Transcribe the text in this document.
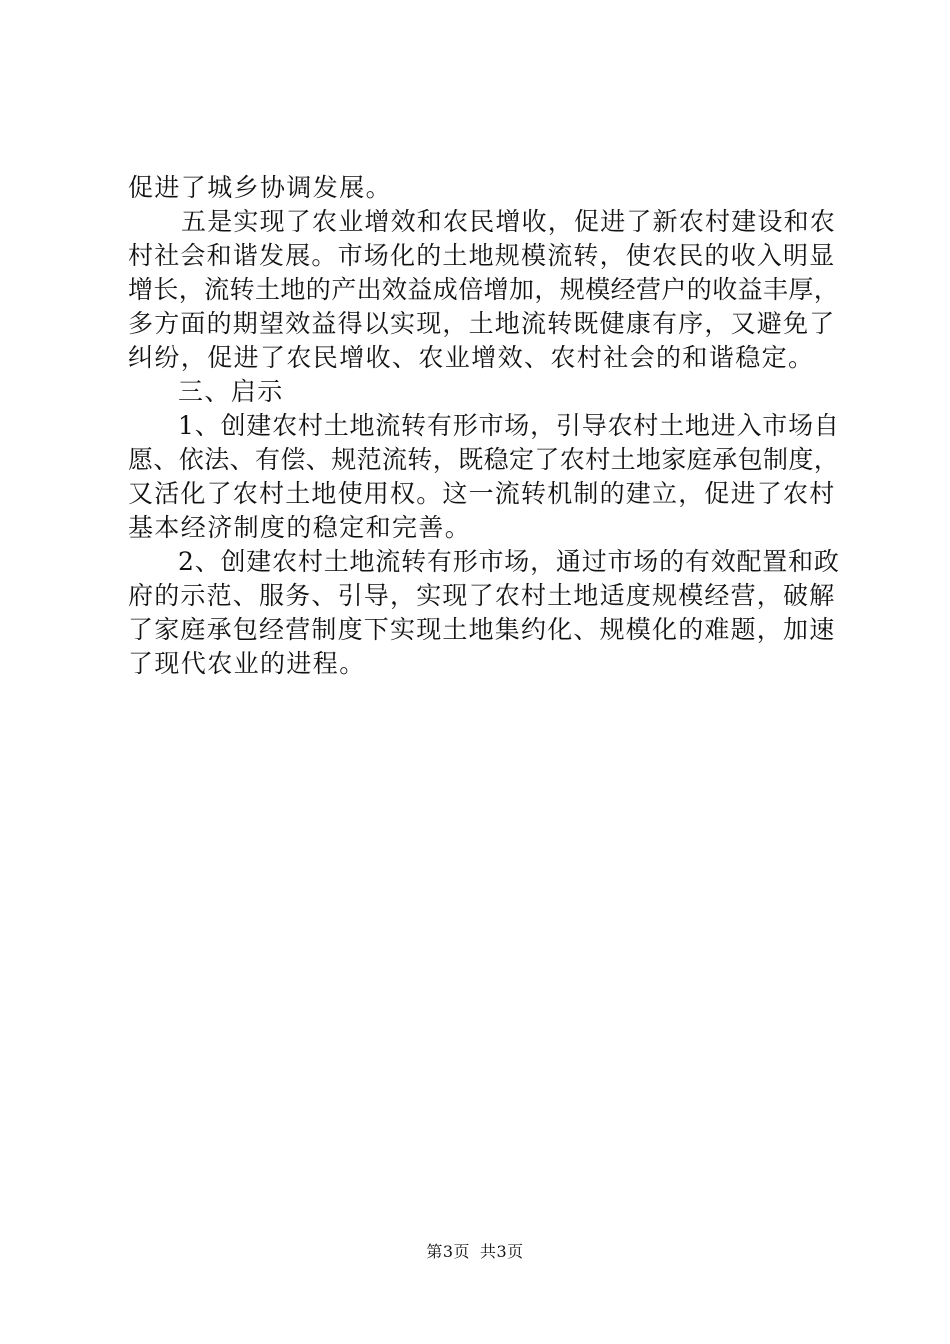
促进了城乡协调发展。
五是实现了农业增效和农民增收，促进了新农村建设和农
村社会和谐发展。市场化的土地规模流转，使农民的收入明显
增长，流转土地的产出效益成倍增加，规模经营户的收益丰厚，
多方面的期望效益得以实现，土地流转既健康有序，又避免了
纠纷，促进了农民增收、农业增效、农村社会的和谐稳定。
三、启示
1、创建农村土地流转有形市场，引导农村土地进入市场自
愿、依法、有偿、规范流转，既稳定了农村土地家庭承包制度，
又活化了农村土地使用权。这一流转机制的建立，促进了农村
基本经济制度的稳定和完善。
2、创建农村土地流转有形市场，通过市场的有效配置和政
府的示范、服务、引导，实现了农村土地适度规模经营，破解
了家庭承包经营制度下实现土地集约化、规模化的难题，加速
了现代农业的进程。
第3页 共3页
